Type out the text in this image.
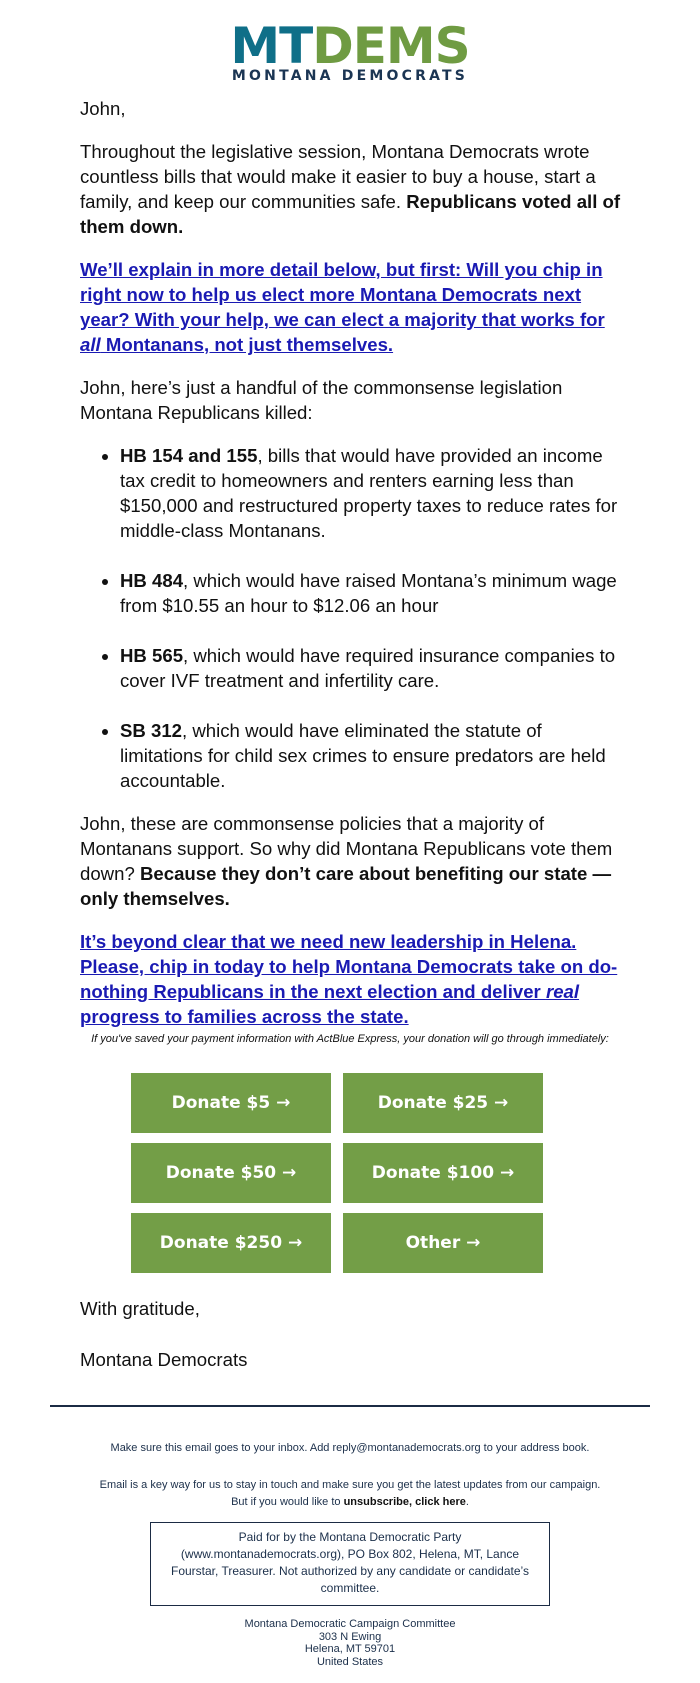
MTDEMS
MONTANA DEMOCRATS

John,

Throughout the legislative session, Montana Democrats wrote countless bills that would make it easier to buy a house, start a family, and keep our communities safe. Republicans voted all of them down.

We’ll explain in more detail below, but first: Will you chip in right now to help us elect more Montana Democrats next year? With your help, we can elect a majority that works for all Montanans, not just themselves.

John, here’s just a handful of the commonsense legislation Montana Republicans killed:

• HB 154 and 155, bills that would have provided an income tax credit to homeowners and renters earning less than $150,000 and restructured property taxes to reduce rates for middle-class Montanans.
• HB 484, which would have raised Montana’s minimum wage from $10.55 an hour to $12.06 an hour
• HB 565, which would have required insurance companies to cover IVF treatment and infertility care.
• SB 312, which would have eliminated the statute of limitations for child sex crimes to ensure predators are held accountable.

John, these are commonsense policies that a majority of Montanans support. So why did Montana Republicans vote them down? Because they don’t care about benefiting our state — only themselves.

It’s beyond clear that we need new leadership in Helena. Please, chip in today to help Montana Democrats take on do-nothing Republicans in the next election and deliver real progress to families across the state.

If you've saved your payment information with ActBlue Express, your donation will go through immediately:
Donate $5 →	Donate $25 →
Donate $50 →	Donate $100 →
Donate $250 →	Other →

With gratitude,

Montana Democrats

Make sure this email goes to your inbox. Add reply@montanademocrats.org to your address book.

Email is a key way for us to stay in touch and make sure you get the latest updates from our campaign.

But if you would like to unsubscribe, click here.

Paid for by the Montana Democratic Party (www.montanademocrats.org), PO Box 802, Helena, MT, Lance Fourstar, Treasurer. Not authorized by any candidate or candidate’s committee.
Montana Democratic Campaign Committee
303 N Ewing
Helena, MT 59701
United States
